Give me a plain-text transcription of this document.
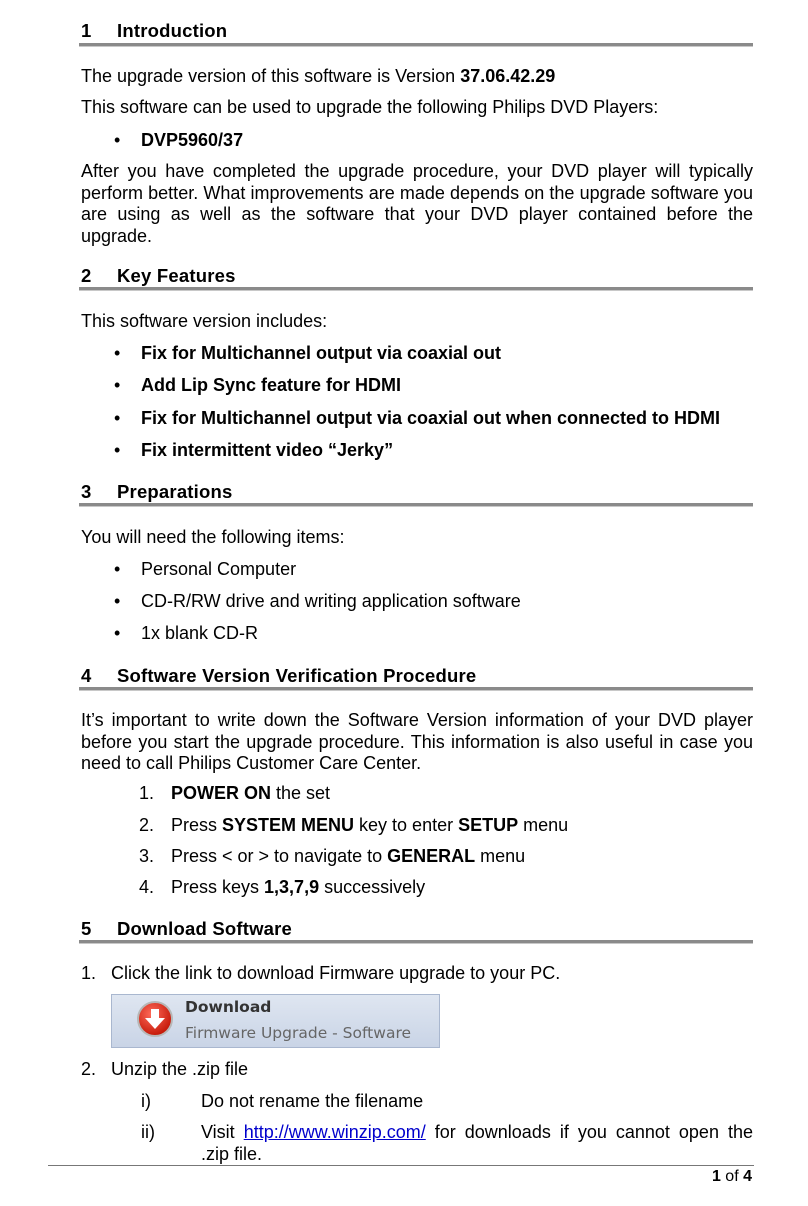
1 Introduction

The upgrade version of this software is Version 37.06.42.29

This software can be used to upgrade the following Philips DVD Players:

• DVP5960/37

After you have completed the upgrade procedure, your DVD player will typically perform better. What improvements are made depends on the upgrade software you are using as well as the software that your DVD player contained before the upgrade.

2 Key Features

This software version includes:

• Fix for Multichannel output via coaxial out

• Add Lip Sync feature for HDMI

• Fix for Multichannel output via coaxial out when connected to HDMI

• Fix intermittent video “Jerky”

3 Preparations

You will need the following items:

• Personal Computer

• CD-R/RW drive and writing application software

• 1x blank CD-R

4 Software Version Verification Procedure

It’s important to write down the Software Version information of your DVD player before you start the upgrade procedure. This information is also useful in case you need to call Philips Customer Care Center.

1. POWER ON the set

2. Press SYSTEM MENU key to enter SETUP menu

3. Press < or > to navigate to GENERAL menu

4. Press keys 1,3,7,9 successively

5 Download Software

1. Click the link to download Firmware upgrade to your PC.

Download
Firmware Upgrade - Software

2. Unzip the .zip file

i)	Do not rename the filename

ii)	Visit http://www.winzip.com/ for downloads if you cannot open the
.zip file.
1 of 4
